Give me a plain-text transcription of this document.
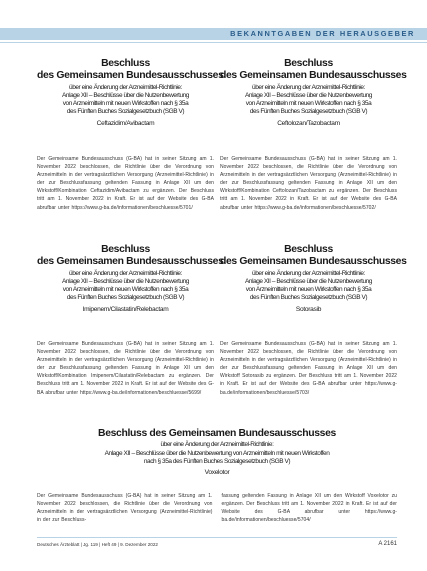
BEKANNTGABEN DER HERAUSGEBER
Beschluss
des Gemeinsamen Bundesausschusses
über eine Änderung der Arzneimittel-Richtlinie:
Anlage XII – Beschlüsse über die Nutzenbewertung
von Arzneimitteln mit neuen Wirkstoffen nach § 35a
des Fünften Buches Sozialgesetzbuch (SGB V)
Ceftazidim/Avibactam

Der Gemeinsame Bundesausschuss (G-BA) hat in seiner Sitzung am 1. November 2022 beschlossen, die Richtlinie über die Verordnung von Arzneimitteln in der vertragsärztlichen Versorgung (Arzneimittel-Richtlinie) in der zur Beschlussfassung geltenden Fassung in Anlage XII um den Wirkstoff/Kombination Ceftazidim/Avibactam zu ergänzen. Der Beschluss tritt am 1. November 2022 in Kraft. Er ist auf der Website des G-BA abrufbar unter https://www.g-ba.de/informationen/beschluesse/5701/

Beschluss
des Gemeinsamen Bundesausschusses
über eine Änderung der Arzneimittel-Richtlinie:
Anlage XII – Beschlüsse über die Nutzenbewertung
von Arzneimitteln mit neuen Wirkstoffen nach § 35a
des Fünften Buches Sozialgesetzbuch (SGB V)
Ceftolozan/Tazobactam

Der Gemeinsame Bundesausschuss (G-BA) hat in seiner Sitzung am 1. November 2022 beschlossen, die Richtlinie über die Verordnung von Arzneimitteln in der vertragsärztlichen Versorgung (Arzneimittel-Richtlinie) in der zur Beschlussfassung geltenden Fassung in Anlage XII um den Wirkstoff/Kombination Ceftolozan/Tazobactam zu ergänzen. Der Beschluss tritt am 1. November 2022 in Kraft. Er ist auf der Website des G-BA abrufbar unter https://www.g-ba.de/informationen/beschluesse/5702/

Beschluss
des Gemeinsamen Bundesausschusses
über eine Änderung der Arzneimittel-Richtlinie:
Anlage XII – Beschlüsse über die Nutzenbewertung
von Arzneimitteln mit neuen Wirkstoffen nach § 35a
des Fünften Buches Sozialgesetzbuch (SGB V)
Imipenem/Cilastatin/Relebactam

Der Gemeinsame Bundesausschuss (G-BA) hat in seiner Sitzung am 1. November 2022 beschlossen, die Richtlinie über die Verordnung von Arzneimitteln in der vertragsärztlichen Versorgung (Arzneimittel-Richtlinie) in der zur Beschlussfassung geltenden Fassung in Anlage XII um den Wirkstoff/Kombination Imipenem/Cilastatin/Relebactam zu ergänzen. Der Beschluss tritt am 1. November 2022 in Kraft. Er ist auf der Website des G-BA abrufbar unter https://www.g-ba.de/informationen/beschluesse/5699/

Beschluss
des Gemeinsamen Bundesausschusses
über eine Änderung der Arzneimittel-Richtlinie:
Anlage XII – Beschlüsse über die Nutzenbewertung
von Arzneimitteln mit neuen Wirkstoffen nach § 35a
des Fünften Buches Sozialgesetzbuch (SGB V)
Sotorasib

Der Gemeinsame Bundesausschuss (G-BA) hat in seiner Sitzung am 1. November 2022 beschlossen, die Richtlinie über die Verordnung von Arzneimitteln in der vertragsärztlichen Versorgung (Arzneimittel-Richtlinie) in der zur Beschlussfassung geltenden Fassung in Anlage XII um den Wirkstoff Sotorasib zu ergänzen. Der Beschluss tritt am 1. November 2022 in Kraft. Er ist auf der Website des G-BA abrufbar unter https://www.g-ba.de/informationen/beschluesse/5703/

Beschluss des Gemeinsamen Bundesausschusses
über eine Änderung der Arzneimittel-Richtlinie:
Anlage XII – Beschlüsse über die Nutzenbewertung von Arzneimitteln mit neuen Wirkstoffen
nach § 35a des Fünften Buches Sozialgesetzbuch (SGB V)
Voxelotor

Der Gemeinsame Bundesausschuss (G-BA) hat in seiner Sitzung am 1. November 2022 beschlossen, die Richtlinie über die Verordnung von Arzneimitteln in der vertragsärztlichen Versorgung (Arzneimittel-Richtlinie) in der zur Beschluss-

fassung geltenden Fassung in Anlage XII um den Wirkstoff Voxelotor zu ergänzen. Der Beschluss tritt am 1. November 2022 in Kraft. Er ist auf der Website des G-BA abrufbar unter https://www.g-ba.de/informationen/beschluesse/5704/

Deutsches Ärzteblatt | Jg. 119 | Heft 49 | 9. Dezember 2022	A 2161
